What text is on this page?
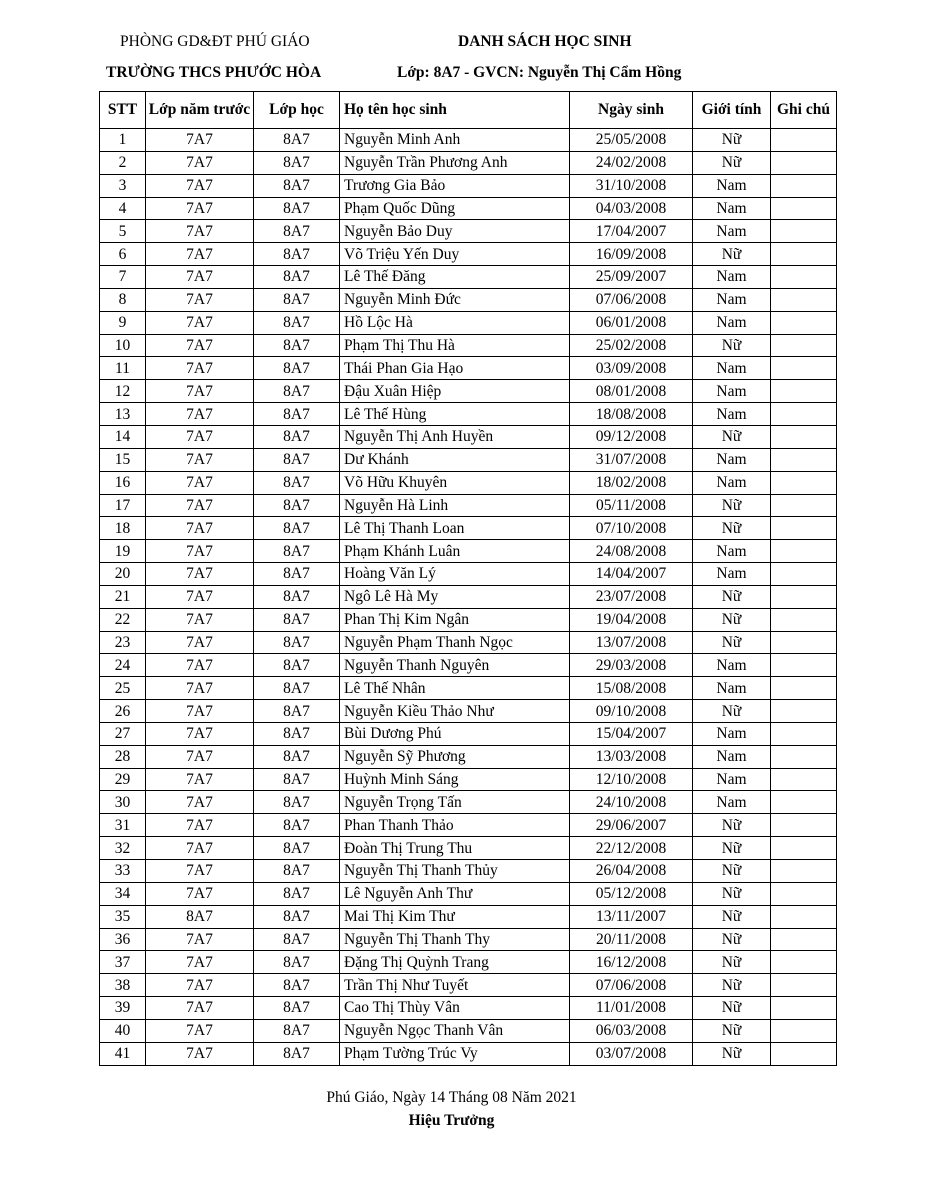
PHÒNG GD&ĐT PHÚ GIÁO	DANH SÁCH HỌC SINH
TRƯỜNG THCS PHƯỚC HÒA	Lớp: 8A7 - GVCN: Nguyễn Thị Cẩm Hồng
STT	Lớp năm trước	Lớp học	Họ tên học sinh	Ngày sinh	Giới tính	Ghi chú
1	7A7	8A7	Nguyễn Minh Anh	25/05/2008	Nữ	
2	7A7	8A7	Nguyễn Trần Phương Anh	24/02/2008	Nữ	
3	7A7	8A7	Trương Gia Bảo	31/10/2008	Nam	
4	7A7	8A7	Phạm Quốc Dũng	04/03/2008	Nam	
5	7A7	8A7	Nguyễn Bảo Duy	17/04/2007	Nam	
6	7A7	8A7	Võ Triệu Yến Duy	16/09/2008	Nữ	
7	7A7	8A7	Lê Thế Đăng	25/09/2007	Nam	
8	7A7	8A7	Nguyễn Minh Đức	07/06/2008	Nam	
9	7A7	8A7	Hồ Lộc Hà	06/01/2008	Nam	
10	7A7	8A7	Phạm Thị Thu Hà	25/02/2008	Nữ	
11	7A7	8A7	Thái Phan Gia Hạo	03/09/2008	Nam	
12	7A7	8A7	Đậu Xuân Hiệp	08/01/2008	Nam	
13	7A7	8A7	Lê Thế Hùng	18/08/2008	Nam	
14	7A7	8A7	Nguyễn Thị Anh Huyền	09/12/2008	Nữ	
15	7A7	8A7	Dư Khánh	31/07/2008	Nam	
16	7A7	8A7	Võ Hữu Khuyên	18/02/2008	Nam	
17	7A7	8A7	Nguyễn Hà Linh	05/11/2008	Nữ	
18	7A7	8A7	Lê Thị Thanh Loan	07/10/2008	Nữ	
19	7A7	8A7	Phạm Khánh Luân	24/08/2008	Nam	
20	7A7	8A7	Hoàng Văn Lý	14/04/2007	Nam	
21	7A7	8A7	Ngô Lê Hà My	23/07/2008	Nữ	
22	7A7	8A7	Phan Thị Kim Ngân	19/04/2008	Nữ	
23	7A7	8A7	Nguyễn Phạm Thanh Ngọc	13/07/2008	Nữ	
24	7A7	8A7	Nguyễn Thanh Nguyên	29/03/2008	Nam	
25	7A7	8A7	Lê Thế Nhân	15/08/2008	Nam	
26	7A7	8A7	Nguyễn Kiều Thảo Như	09/10/2008	Nữ	
27	7A7	8A7	Bùi Dương Phú	15/04/2007	Nam	
28	7A7	8A7	Nguyễn Sỹ Phương	13/03/2008	Nam	
29	7A7	8A7	Huỳnh Minh Sáng	12/10/2008	Nam	
30	7A7	8A7	Nguyễn Trọng Tấn	24/10/2008	Nam	
31	7A7	8A7	Phan Thanh Thảo	29/06/2007	Nữ	
32	7A7	8A7	Đoàn Thị Trung Thu	22/12/2008	Nữ	
33	7A7	8A7	Nguyễn Thị Thanh Thủy	26/04/2008	Nữ	
34	7A7	8A7	Lê Nguyễn Anh Thư	05/12/2008	Nữ	
35	8A7	8A7	Mai Thị Kim Thư	13/11/2007	Nữ	
36	7A7	8A7	Nguyễn Thị Thanh Thy	20/11/2008	Nữ	
37	7A7	8A7	Đặng Thị Quỳnh Trang	16/12/2008	Nữ	
38	7A7	8A7	Trần Thị Như Tuyết	07/06/2008	Nữ	
39	7A7	8A7	Cao Thị Thùy Vân	11/01/2008	Nữ	
40	7A7	8A7	Nguyễn Ngọc Thanh Vân	06/03/2008	Nữ	
41	7A7	8A7	Phạm Tường Trúc Vy	03/07/2008	Nữ	
Phú Giáo, Ngày 14 Tháng 08 Năm 2021
Hiệu Trưởng
